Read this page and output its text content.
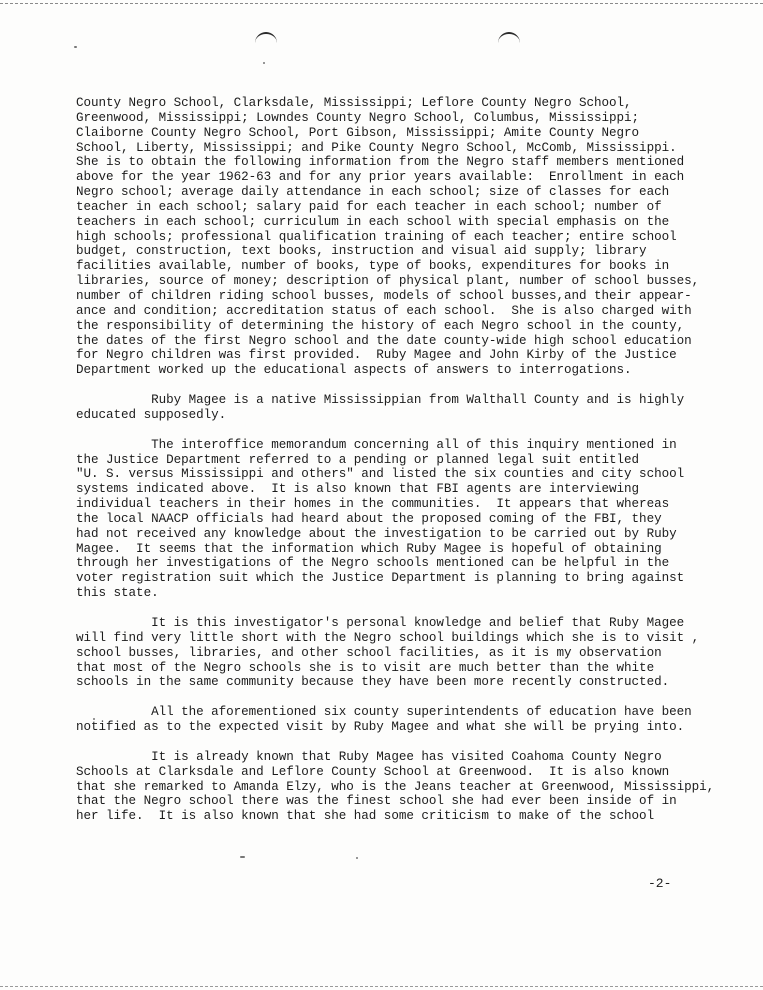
County Negro School, Clarksdale, Mississippi; Leflore County Negro School,
Greenwood, Mississippi; Lowndes County Negro School, Columbus, Mississippi;
Claiborne County Negro School, Port Gibson, Mississippi; Amite County Negro
School, Liberty, Mississippi; and Pike County Negro School, McComb, Mississippi.
She is to obtain the following information from the Negro staff members mentioned
above for the year 1962-63 and for any prior years available:  Enrollment in each
Negro school; average daily attendance in each school; size of classes for each
teacher in each school; salary paid for each teacher in each school; number of
teachers in each school; curriculum in each school with special emphasis on the
high schools; professional qualification training of each teacher; entire school
budget, construction, text books, instruction and visual aid supply; library
facilities available, number of books, type of books, expenditures for books in
libraries, source of money; description of physical plant, number of school busses,
number of children riding school busses, models of school busses,and their appear-
ance and condition; accreditation status of each school.  She is also charged with
the responsibility of determining the history of each Negro school in the county,
the dates of the first Negro school and the date county-wide high school education
for Negro children was first provided.  Ruby Magee and John Kirby of the Justice
Department worked up the educational aspects of answers to interrogations.

Ruby Magee is a native Mississippian from Walthall County and is highly
educated supposedly.

The interoffice memorandum concerning all of this inquiry mentioned in
the Justice Department referred to a pending or planned legal suit entitled
"U. S. versus Mississippi and others" and listed the six counties and city school
systems indicated above.  It is also known that FBI agents are interviewing
individual teachers in their homes in the communities.  It appears that whereas
the local NAACP officials had heard about the proposed coming of the FBI, they
had not received any knowledge about the investigation to be carried out by Ruby
Magee.  It seems that the information which Ruby Magee is hopeful of obtaining
through her investigations of the Negro schools mentioned can be helpful in the
voter registration suit which the Justice Department is planning to bring against
this state.

It is this investigator's personal knowledge and belief that Ruby Magee
will find very little short with the Negro school buildings which she is to visit ,
school busses, libraries, and other school facilities, as it is my observation
that most of the Negro schools she is to visit are much better than the white
schools in the same community because they have been more recently constructed.

All the aforementioned six county superintendents of education have been
notified as to the expected visit by Ruby Magee and what she will be prying into.

It is already known that Ruby Magee has visited Coahoma County Negro
Schools at Clarksdale and Leflore County School at Greenwood.  It is also known
that she remarked to Amanda Elzy, who is the Jeans teacher at Greenwood, Mississippi,
that the Negro school there was the finest school she had ever been inside of in
her life.  It is also known that she had some criticism to make of the school

-2-
